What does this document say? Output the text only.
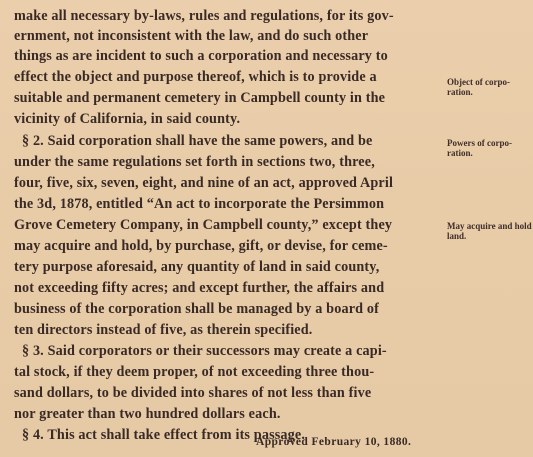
make all necessary by-laws, rules and regulations, for its gov-
ernment, not inconsistent with the law, and do such other
things as are incident to such a corporation and necessary to
effect the object and purpose thereof, which is to provide a
suitable and permanent cemetery in Campbell county in the
vicinity of California, in said county.
§ 2. Said corporation shall have the same powers, and be
under the same regulations set forth in sections two, three,
four, five, six, seven, eight, and nine of an act, approved April
the 3d, 1878, entitled “An act to incorporate the Persimmon
Grove Cemetery Company, in Campbell county,” except they
may acquire and hold, by purchase, gift, or devise, for ceme-
tery purpose aforesaid, any quantity of land in said county,
not exceeding fifty acres; and except further, the affairs and
business of the corporation shall be managed by a board of
ten directors instead of five, as therein specified.
§ 3. Said corporators or their successors may create a capi-
tal stock, if they deem proper, of not exceeding three thou-
sand dollars, to be divided into shares of not less than five
nor greater than two hundred dollars each.
§ 4. This act shall take effect from its passage.
Object of corpo-ration.
Powers of corpo-ration.
May acquire and hold land.
Approved February 10, 1880.
